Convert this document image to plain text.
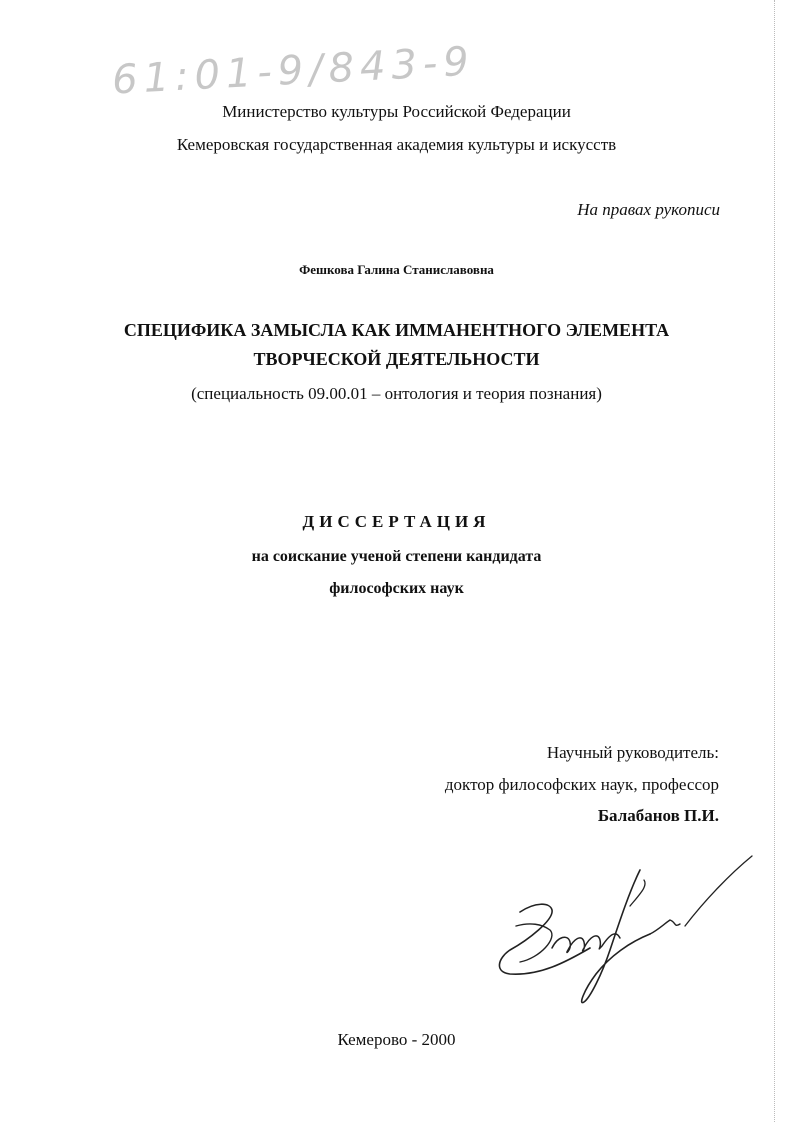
61:01-9/843-9
Министерство культуры Российской Федерации
Кемеровская государственная академия культуры и искусств
На правах рукописи
Фешкова Галина Станиславовна
СПЕЦИФИКА ЗАМЫСЛА КАК ИММАНЕНТНОГО ЭЛЕМЕНТА
ТВОРЧЕСКОЙ ДЕЯТЕЛЬНОСТИ
(специальность 09.00.01 – онтология и теория познания)
ДИССЕРТАЦИЯ
на соискание ученой степени кандидата
философских наук
Научный руководитель:
доктор философских наук, профессор
Балабанов П.И.
Кемерово - 2000
